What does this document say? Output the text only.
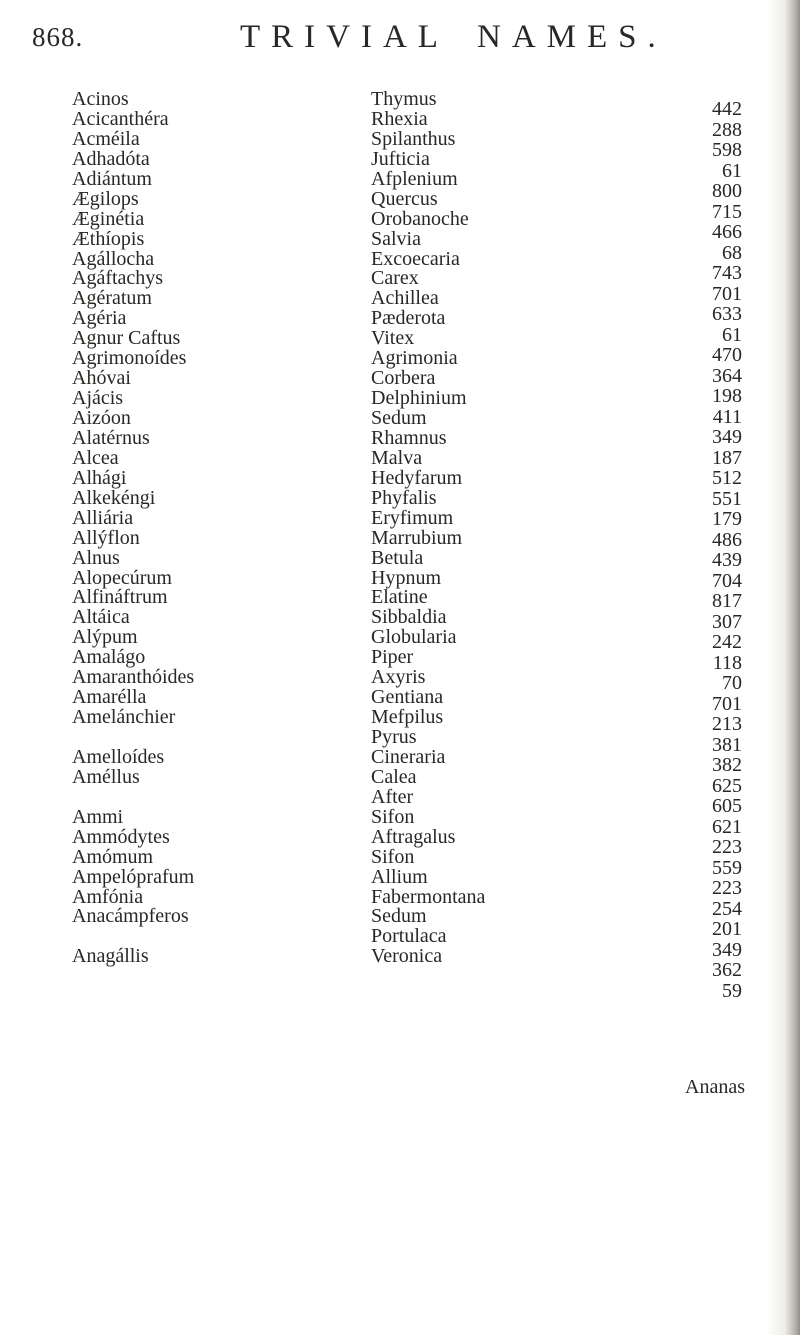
868.	TRIVIAL NAMES.
Acinos
Acicanthéra
Acméila
Adhadóta
Adiántum
Ægilops
Æginétia
Æthíopis
Agállocha
Agáftachys
Agératum
Agéria
Agnur Caftus
Agrimonoídes
Ahóvai
Ajácis
Aizóon
Alatérnus
Alcea
Alhági
Alkekéngi
Alliária
Allýflon
Alnus
Alopecúrum
Alfináftrum
Altáica
Alýpum
Amalágo
Amaranthóides
Amaréllа
Amelánchier
Amelloídes
Améllus
Ammi
Ammódytes
Amómum
Ampelóprafum
Amfónia
Anacámpferos
Anagállis
Thymus
Rhexia
Spilanthus
Jufticia
Afplenium
Quercus
Orobanoche
Salvia
Excoecaria
Carex
Achillea
Pæderota
Vitex
Agrimonia
Corbera
Delphinium
Sedum
Rhamnus
Malva
Hedyfarum
Phyfalis
Eryfimum
Marrubium
Betula
Hypnum
Elatine
Sibbaldia
Globularia
Piper
Axyris
Gentiana
Mefpilus
Pyrus
Cineraria
Calea
After
Sifon
Aftragalus
Sifon
Allium
Fabermontana
Sedum
Portulaca
Veronica
442
288
598
61
800
715
466
68
743
701
633
61
470
364
198
411
349
187
512
551
179
486
439
704
817
307
242
118
70
701
213
381
382
625
605
621
223
559
223
254
201
349
362
59
Ananas
